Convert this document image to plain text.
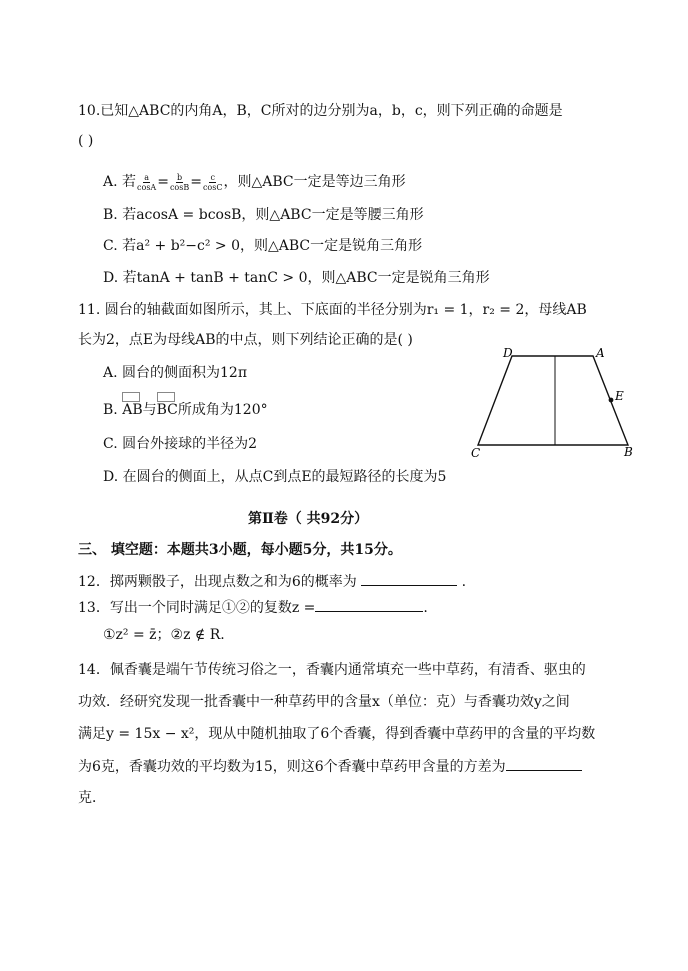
10.已知△ABC的内角A，B，C所对的边分别为a，b，c，则下列正确的命题是
( )
A. 若 $\frac{a}{\cos A} = \frac{b}{\cos B} = \frac{c}{\cos C}$ ，则△ABC一定是等边三角形
B. 若acosA = bcosB，则△ABC一定是等腰三角形
C. 若a² + b²−c² > 0，则△ABC一定是锐角三角形
D. 若tanA + tanB + tanC > 0，则△ABC一定是锐角三角形
11. 圆台的轴截面如图所示，其上、下底面的半径分别为r₁ = 1，r₂ = 2，母线AB
长为2，点E为母线AB的中点，则下列结论正确的是( )
A. 圆台的侧面积为12π
B.
AB与
BC所成角为120°
C. 圆台外接球的半径为2
D. 在圆台的侧面上，从点C到点E的最短路径的长度为5
D	A
E
C	B
第Ⅱ卷（ 共92分）
三、 填空题：本题共3小题，每小题5分，共15分。
12．掷两颗骰子，出现点数之和为6的概率为	.
13．写出一个同时满足①②的复数z =	.
①z² = z̄；②z ∉ R.
14．佩香囊是端午节传统习俗之一，香囊内通常填充一些中草药，有清香、驱虫的
功效．经研究发现一批香囊中一种草药甲的含量x（单位：克）与香囊功效y之间
满足y = 15x − x²，现从中随机抽取了6个香囊，得到香囊中草药甲的含量的平均数
为6克，香囊功效的平均数为15，则这6个香囊中草药甲含量的方差为
克．
